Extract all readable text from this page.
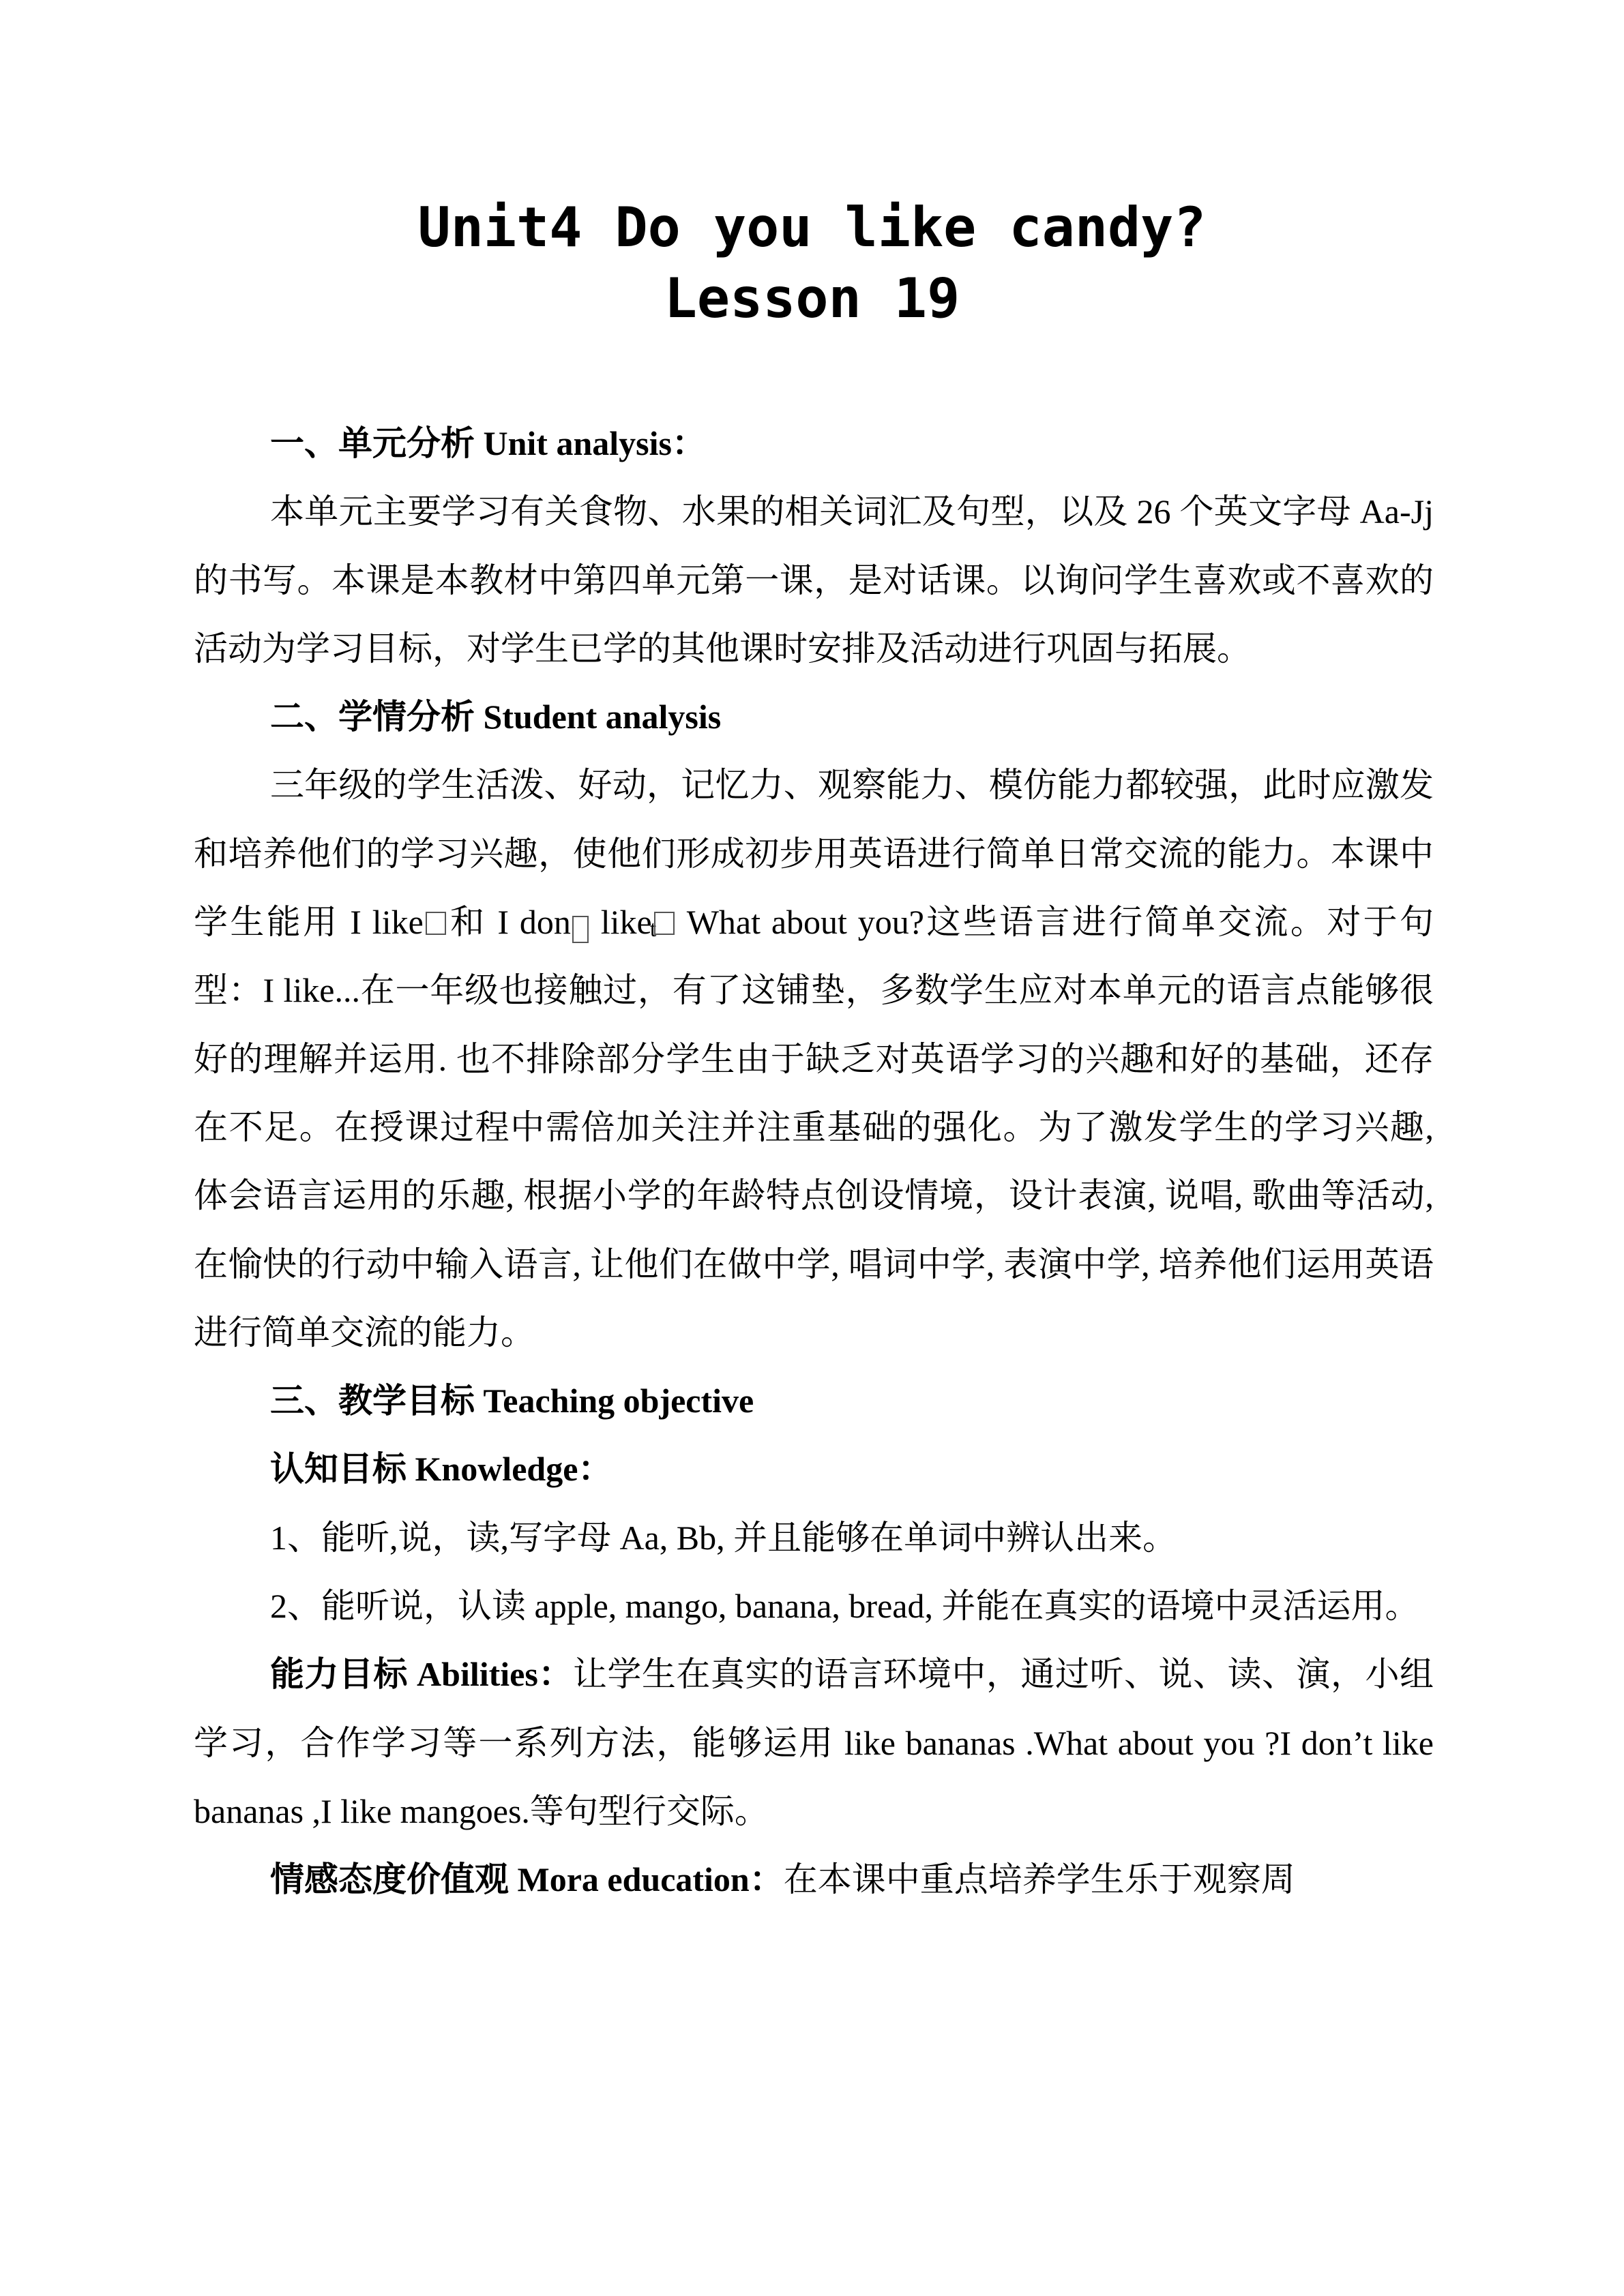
Unit4 Do you like candy?
Lesson 19

一、单元分析 Unit analysis：

本单元主要学习有关食物、水果的相关词汇及句型，以及 26 个英文字母 Aa-Jj 的书写。本课是本教材中第四单元第一课，是对话课。以询问学生喜欢或不喜欢的活动为学习目标，对学生已学的其他课时安排及活动进行巩固与拓展。

二、学情分析 Student analysis

三年级的学生活泼、好动，记忆力、观察能力、模仿能力都较强，此时应激发和培养他们的学习兴趣，使他们形成初步用英语进行简单日常交流的能力。本课中学生能用 I like 和 I don	t like What about you?这些语言进行简单交流。对于句型：I like...在一年级也接触过，有了这铺垫，多数学生应对本单元的语言点能够很好的理解并运用. 也不排除部分学生由于缺乏对英语学习的兴趣和好的基础，还存在不足。在授课过程中需倍加关注并注重基础的强化。为了激发学生的学习兴趣, 体会语言运用的乐趣, 根据小学的年龄特点创设情境，设计表演, 说唱, 歌曲等活动, 在愉快的行动中输入语言, 让他们在做中学, 唱词中学, 表演中学, 培养他们运用英语进行简单交流的能力。

三、教学目标 Teaching objective

认知目标 Knowledge：

1、能听,说，读,写字母 Aa, Bb, 并且能够在单词中辨认出来。

2、能听说，认读 apple, mango, banana, bread, 并能在真实的语境中灵活运用。

能力目标 Abilities：让学生在真实的语言环境中，通过听、说、读、演，小组学习，合作学习等一系列方法，能够运用 like bananas .What about you ?I don’t like bananas ,I like mangoes.等句型行交际。

情感态度价值观 Mora education：在本课中重点培养学生乐于观察周
